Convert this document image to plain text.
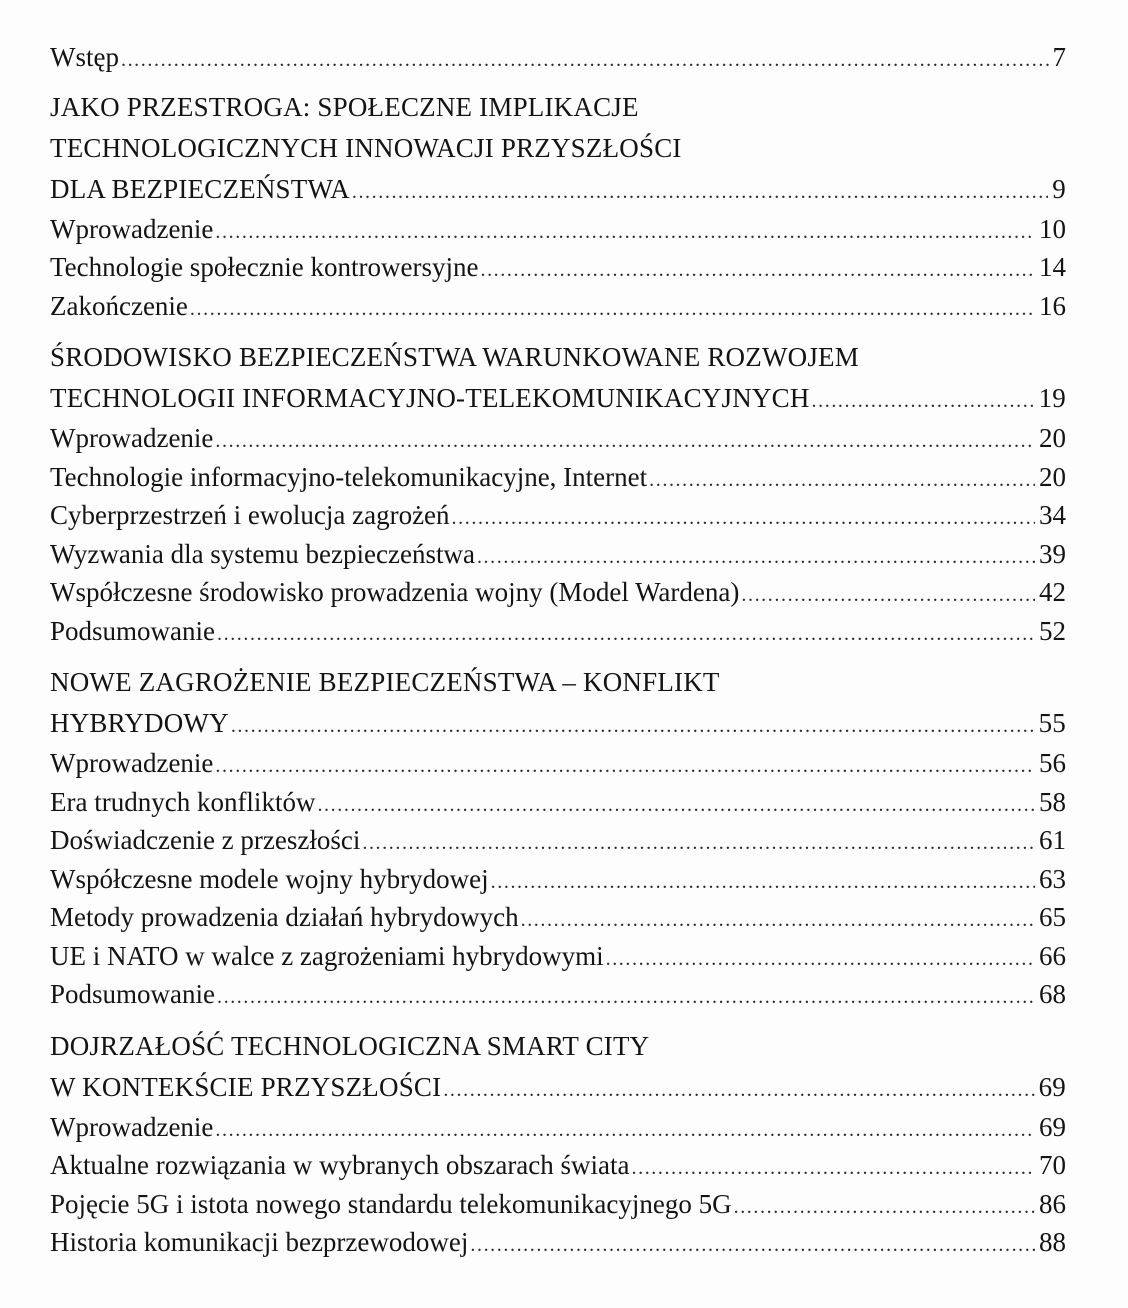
Wstęp .....	7
JAKO PRZESTROGA: SPOŁECZNE IMPLIKACJE
TECHNOLOGICZNYCH INNOWACJI PRZYSZŁOŚCI
DLA BEZPIECZEŃSTWA .....	9
Wprowadzenie .....	10
Technologie społecznie kontrowersyjne .....	14
Zakończenie .....	16
ŚRODOWISKO BEZPIECZEŃSTWA WARUNKOWANE ROZWOJEM
TECHNOLOGII INFORMACYJNO-TELEKOMUNIKACYJNYCH .....	19
Wprowadzenie .....	20
Technologie informacyjno-telekomunikacyjne, Internet .....	20
Cyberprzestrzeń i ewolucja zagrożeń .....	34
Wyzwania dla systemu bezpieczeństwa .....	39
Współczesne środowisko prowadzenia wojny (Model Wardena) .....	42
Podsumowanie .....	52
NOWE ZAGROŻENIE BEZPIECZEŃSTWA – KONFLIKT
HYBRYDOWY .....	55
Wprowadzenie .....	56
Era trudnych konfliktów .....	58
Doświadczenie z przeszłości .....	61
Współczesne modele wojny hybrydowej .....	63
Metody prowadzenia działań hybrydowych .....	65
UE i NATO w walce z zagrożeniami hybrydowymi .....	66
Podsumowanie .....	68
DOJRZAŁOŚĆ TECHNOLOGICZNA SMART CITY
W KONTEKŚCIE PRZYSZŁOŚCI .....	69
Wprowadzenie .....	69
Aktualne rozwiązania w wybranych obszarach świata .....	70
Pojęcie 5G i istota nowego standardu telekomunikacyjnego 5G .....	86
Historia komunikacji bezprzewodowej .....	88
